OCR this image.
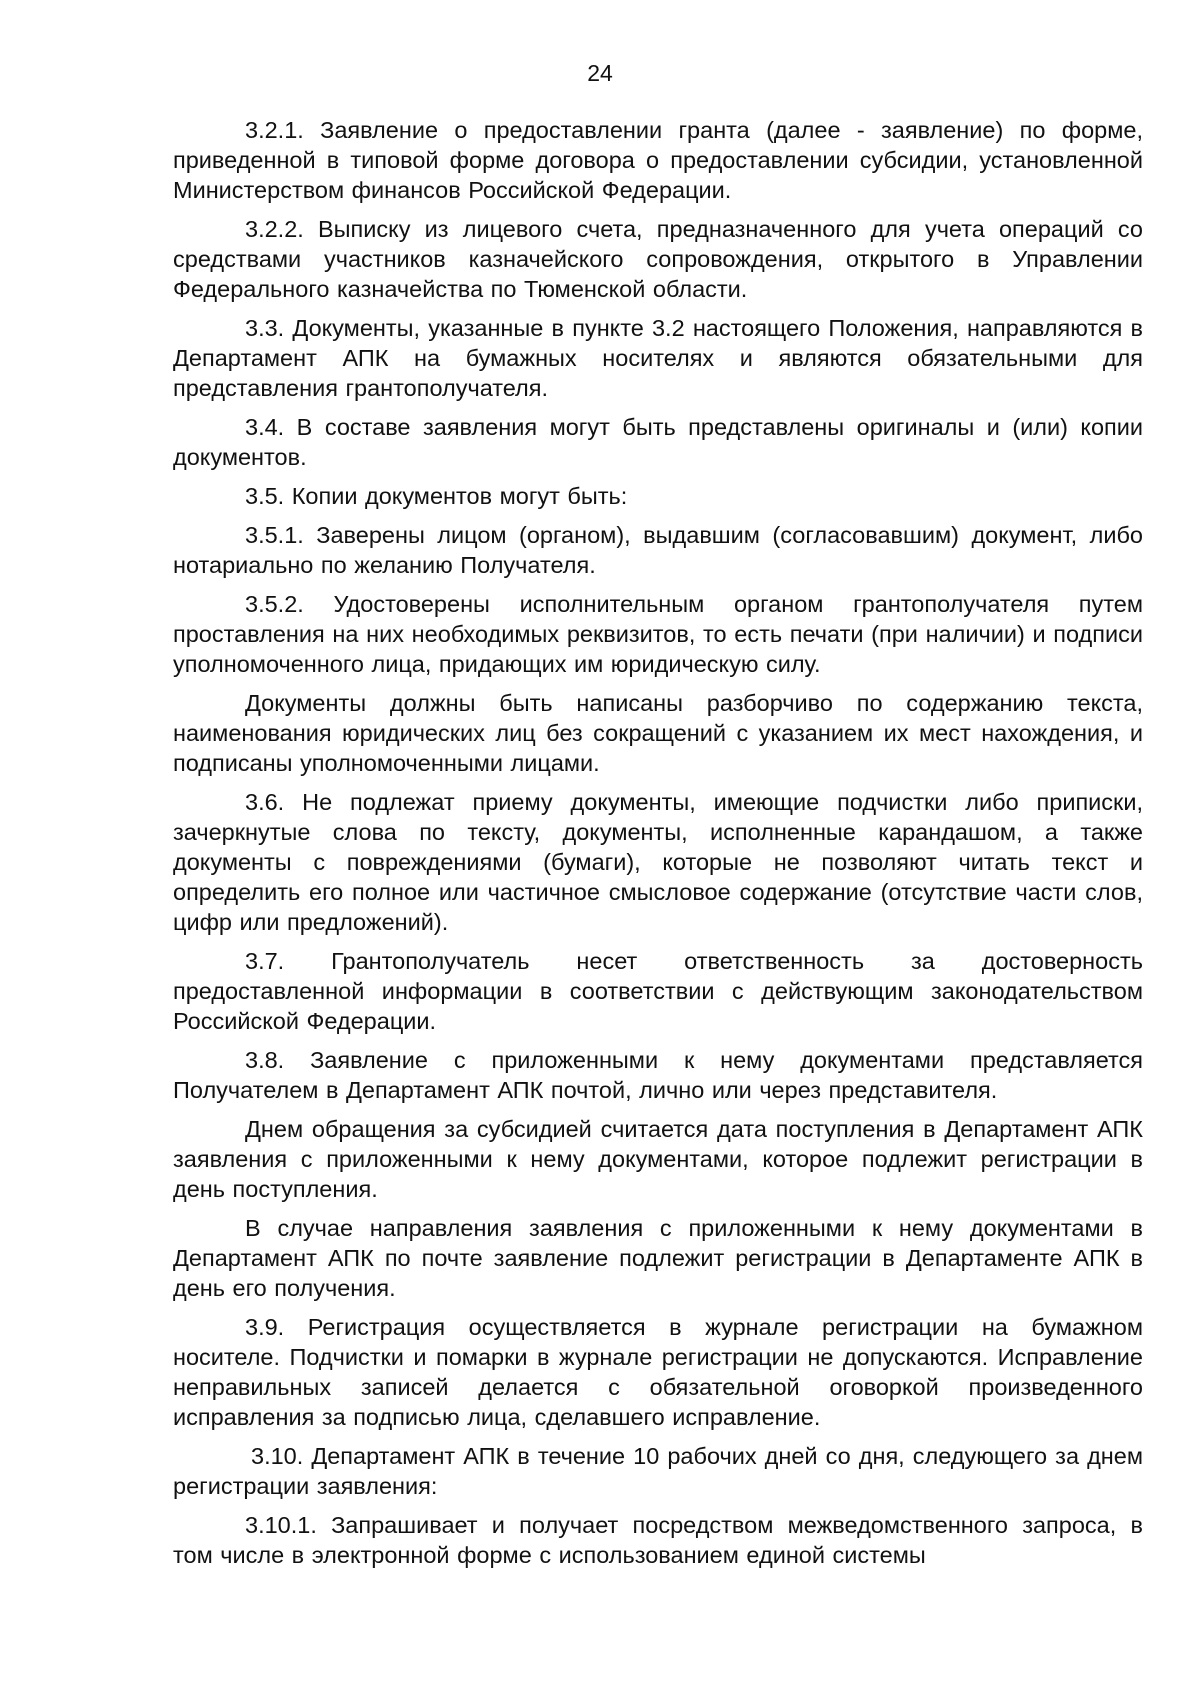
24

3.2.1. Заявление о предоставлении гранта (далее - заявление) по форме, приведенной в типовой форме договора о предоставлении субсидии, установленной Министерством финансов Российской Федерации.

3.2.2. Выписку из лицевого счета, предназначенного для учета операций со средствами участников казначейского сопровождения, открытого в Управлении Федерального казначейства по Тюменской области.

3.3. Документы, указанные в пункте 3.2 настоящего Положения, направляются в Департамент АПК на бумажных носителях и являются обязательными для представления грантополучателя.

3.4. В составе заявления могут быть представлены оригиналы и (или) копии документов.

3.5. Копии документов могут быть:

3.5.1. Заверены лицом (органом), выдавшим (согласовавшим) документ, либо нотариально по желанию Получателя.

3.5.2. Удостоверены исполнительным органом грантополучателя путем проставления на них необходимых реквизитов, то есть печати (при наличии) и подписи уполномоченного лица, придающих им юридическую силу.

Документы должны быть написаны разборчиво по содержанию текста, наименования юридических лиц без сокращений с указанием их мест нахождения, и подписаны уполномоченными лицами.

3.6. Не подлежат приему документы, имеющие подчистки либо приписки, зачеркнутые слова по тексту, документы, исполненные карандашом, а также документы с повреждениями (бумаги), которые не позволяют читать текст и определить его полное или частичное смысловое содержание (отсутствие части слов, цифр или предложений).

3.7. Грантополучатель несет ответственность за достоверность предоставленной информации в соответствии с действующим законодательством Российской Федерации.

3.8. Заявление с приложенными к нему документами представляется Получателем в Департамент АПК почтой, лично или через представителя.

Днем обращения за субсидией считается дата поступления в Департамент АПК заявления с приложенными к нему документами, которое подлежит регистрации в день поступления.

В случае направления заявления с приложенными к нему документами в Департамент АПК по почте заявление подлежит регистрации в Департаменте АПК в день его получения.

3.9. Регистрация осуществляется в журнале регистрации на бумажном носителе. Подчистки и помарки в журнале регистрации не допускаются. Исправление неправильных записей делается с обязательной оговоркой произведенного исправления за подписью лица, сделавшего исправление.

3.10. Департамент АПК в течение 10 рабочих дней со дня, следующего за днем регистрации заявления:

3.10.1. Запрашивает и получает посредством межведомственного запроса, в том числе в электронной форме с использованием единой системы
